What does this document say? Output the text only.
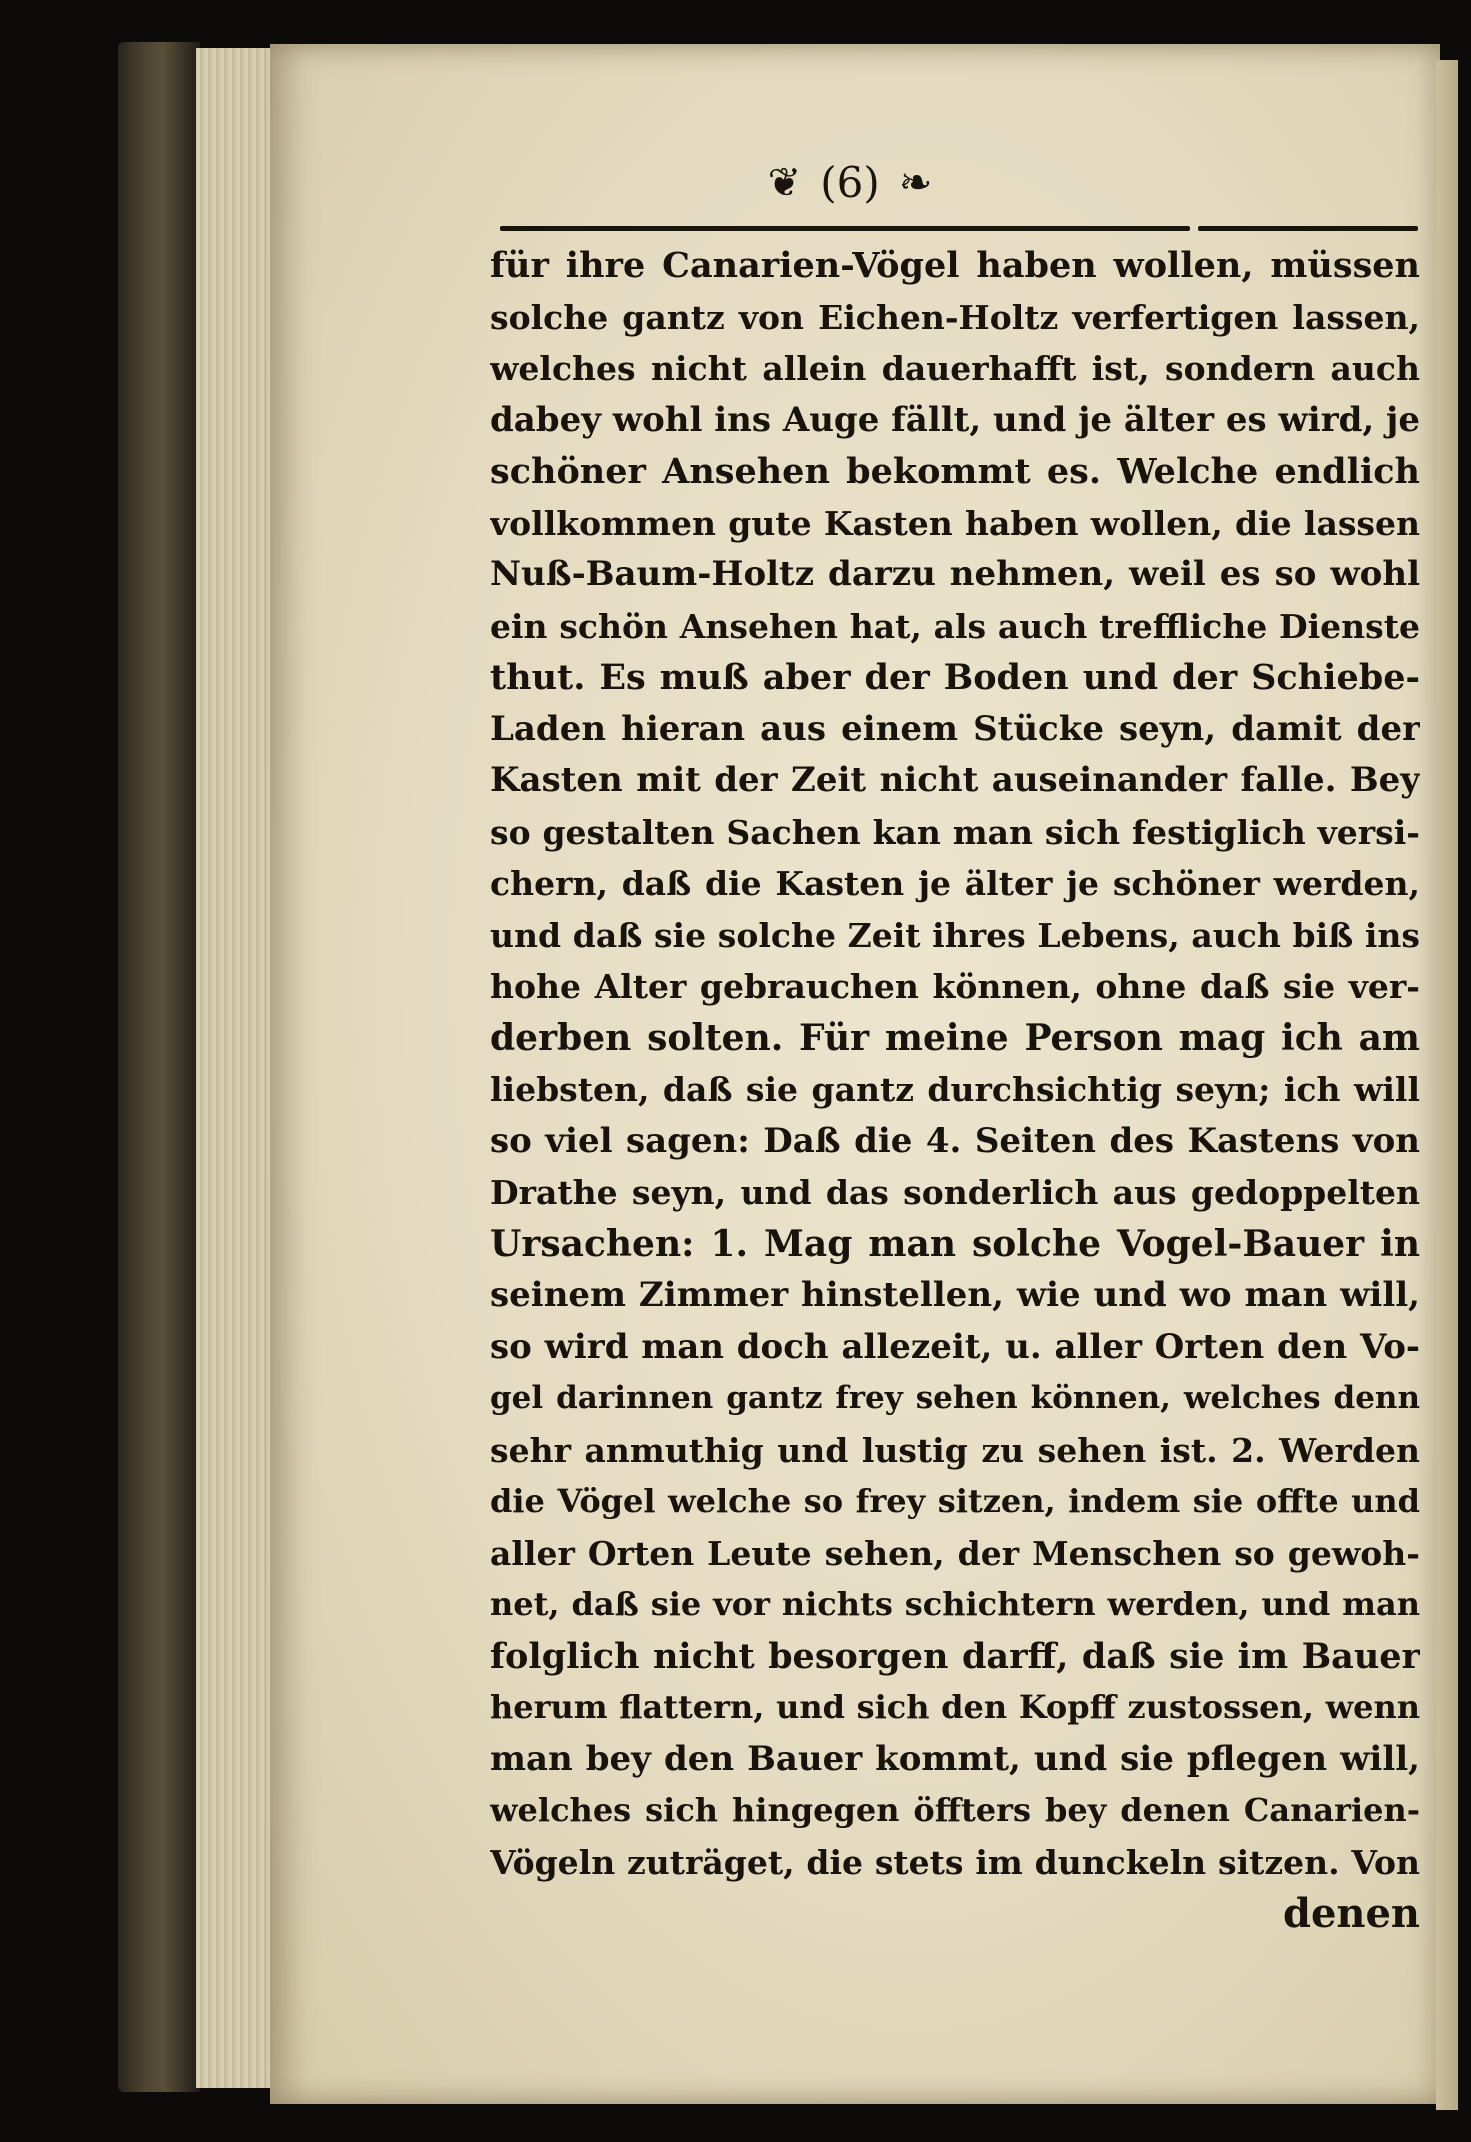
❦ (6) ❧
für ihre Canarien-Vögel haben wollen, müssen
solche gantz von Eichen-Holtz verfertigen lassen,
welches nicht allein dauerhafft ist, sondern auch
dabey wohl ins Auge fällt, und je älter es wird, je
schöner Ansehen bekommt es. Welche endlich
vollkommen gute Kasten haben wollen, die lassen
Nuß-Baum-Holtz darzu nehmen, weil es so wohl
ein schön Ansehen hat, als auch treffliche Dienste
thut. Es muß aber der Boden und der Schiebe-
Laden hieran aus einem Stücke seyn, damit der
Kasten mit der Zeit nicht auseinander falle. Bey
so gestalten Sachen kan man sich festiglich versi-
chern, daß die Kasten je älter je schöner werden,
und daß sie solche Zeit ihres Lebens, auch biß ins
hohe Alter gebrauchen können, ohne daß sie ver-
derben solten. Für meine Person mag ich am
liebsten, daß sie gantz durchsichtig seyn; ich will
so viel sagen: Daß die 4. Seiten des Kastens von
Drathe seyn, und das sonderlich aus gedoppelten
Ursachen: 1. Mag man solche Vogel-Bauer in
seinem Zimmer hinstellen, wie und wo man will,
so wird man doch allezeit, u. aller Orten den Vo-
gel darinnen gantz frey sehen können, welches denn
sehr anmuthig und lustig zu sehen ist. 2. Werden
die Vögel welche so frey sitzen, indem sie offte und
aller Orten Leute sehen, der Menschen so gewoh-
net, daß sie vor nichts schichtern werden, und man
folglich nicht besorgen darff, daß sie im Bauer
herum flattern, und sich den Kopff zustossen, wenn
man bey den Bauer kommt, und sie pflegen will,
welches sich hingegen öffters bey denen Canarien-
Vögeln zuträget, die stets im dunckeln sitzen. Von
denen
